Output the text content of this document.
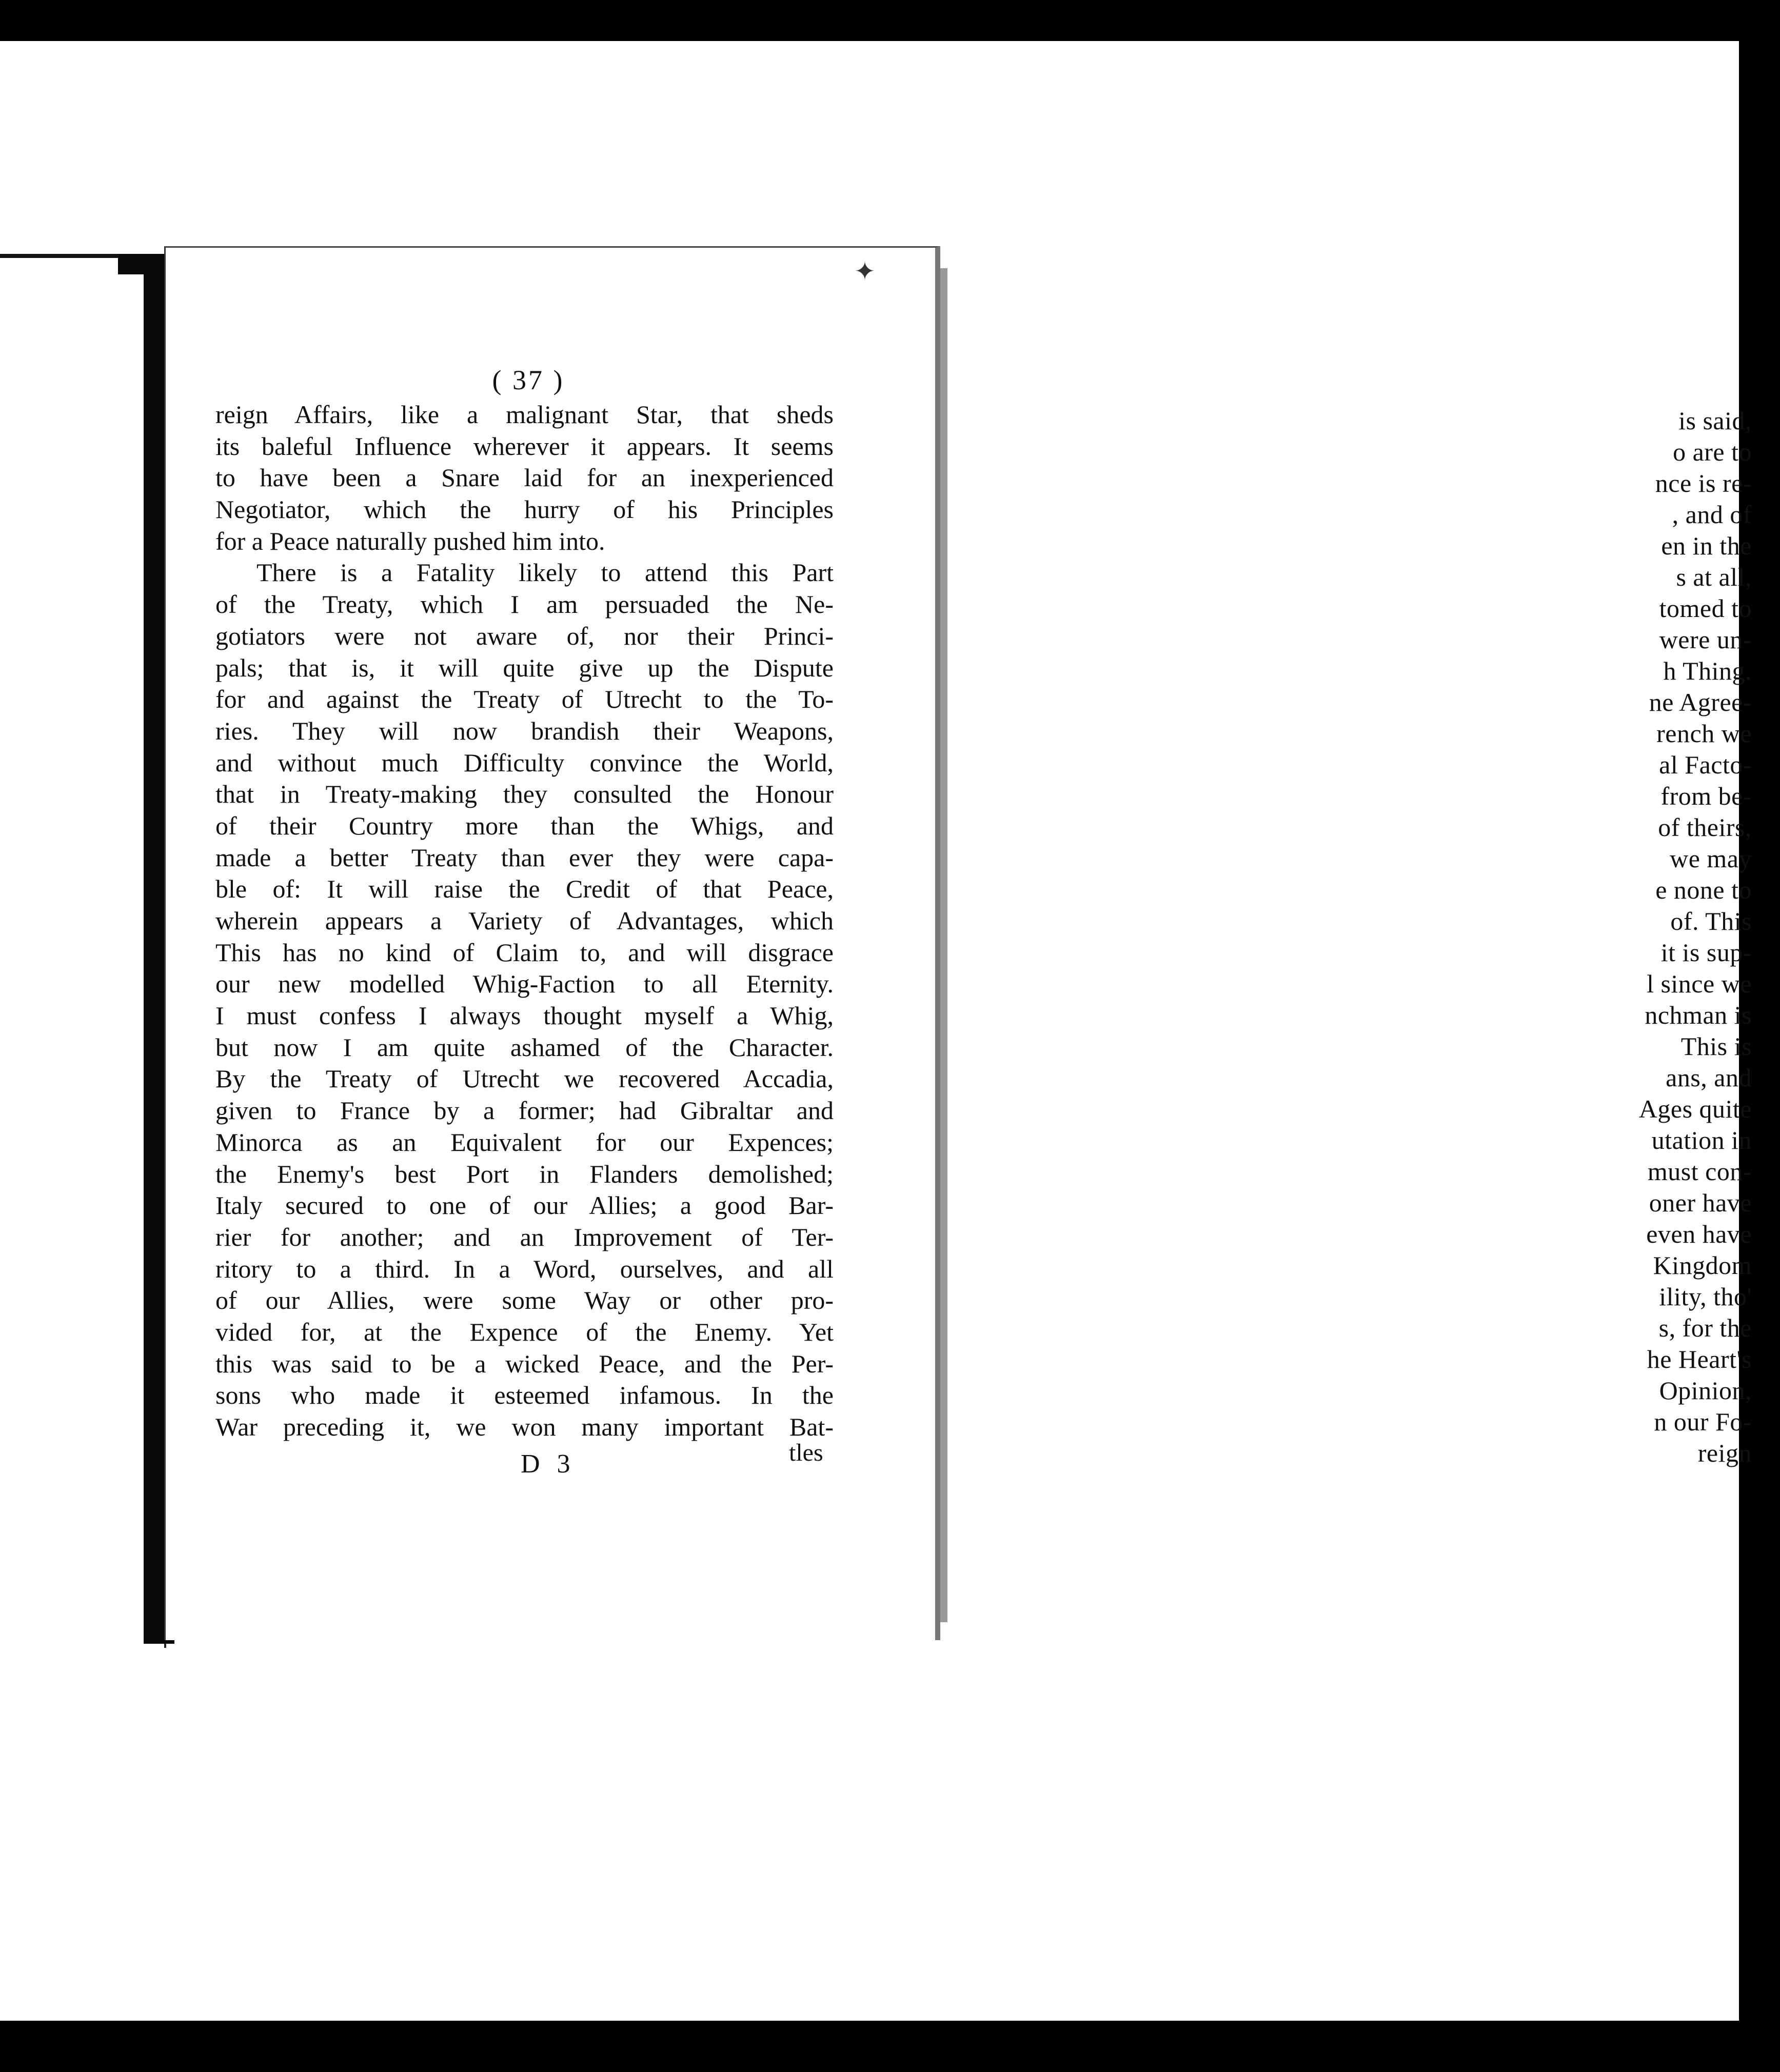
is said,
o are to
nce is re-
, and of
en in the
s at all,
tomed to
were un-
h Thing.
ne Agree-
rench we
al Facto-
from be-
of theirs,
we may
e none to
of. This
it is sup-
l since we
nchman is
This is
ans, and
Ages quite
utation in
must con-
oner have
even have
Kingdom
ility, tho'
s, for the
he Heart's
Opinion,
n our Fo-
reign
✦
( 37 )
reign Affairs, like a malignant Star, that sheds
its baleful Influence wherever it appears. It seems
to have been a Snare laid for an inexperienced
Negotiator, which the hurry of his Principles
for a Peace naturally pushed him into.
There is a Fatality likely to attend this Part
of the Treaty, which I am persuaded the Ne-
gotiators were not aware of, nor their Princi-
pals; that is, it will quite give up the Dispute
for and against the Treaty of Utrecht to the To-
ries. They will now brandish their Weapons,
and without much Difficulty convince the World,
that in Treaty-making they consulted the Honour
of their Country more than the Whigs, and
made a better Treaty than ever they were capa-
ble of: It will raise the Credit of that Peace,
wherein appears a Variety of Advantages, which
This has no kind of Claim to, and will disgrace
our new modelled Whig-Faction to all Eternity.
I must confess I always thought myself a Whig,
but now I am quite ashamed of the Character.
By the Treaty of Utrecht we recovered Accadia,
given to France by a former; had Gibraltar and
Minorca as an Equivalent for our Expences;
the Enemy's best Port in Flanders demolished;
Italy secured to one of our Allies; a good Bar-
rier for another; and an Improvement of Ter-
ritory to a third. In a Word, ourselves, and all
of our Allies, were some Way or other pro-
vided for, at the Expence of the Enemy. Yet
this was said to be a wicked Peace, and the Per-
sons who made it esteemed infamous. In the
War preceding it, we won many important Bat-
D 3	tles
